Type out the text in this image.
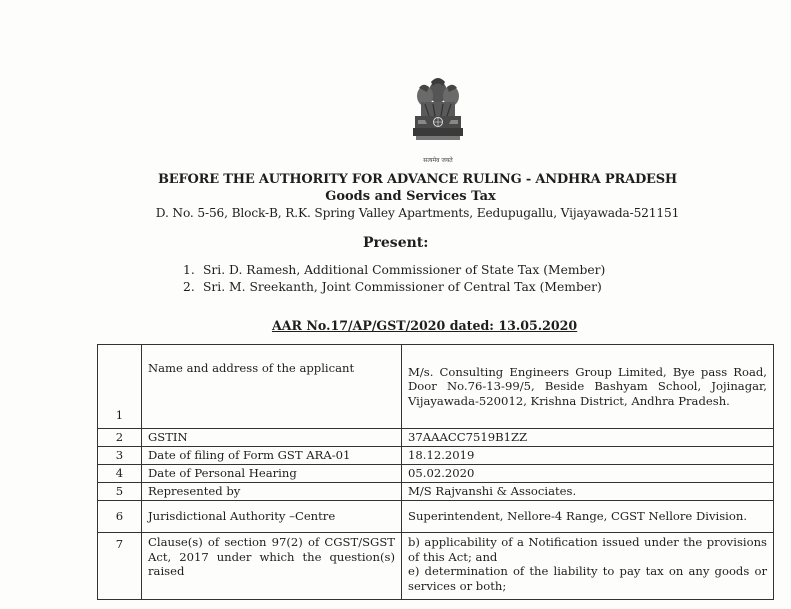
सत्यमेव जयते
BEFORE THE AUTHORITY FOR ADVANCE RULING - ANDHRA PRADESH
Goods and Services Tax
D. No. 5-56, Block-B, R.K. Spring Valley Apartments, Eedupugallu, Vijayawada-521151
Present:
1. Sri. D. Ramesh, Additional Commissioner of State Tax (Member)
2. Sri. M. Sreekanth, Joint Commissioner of Central Tax (Member)
AAR No.17/AP/GST/2020 dated: 13.05.2020
1	Name and address of the applicant	M/s. Consulting Engineers Group Limited, Bye pass Road, Door No.76-13-99/5, Beside Bashyam School, Jojinagar, Vijayawada-520012, Krishna District, Andhra Pradesh.
2	GSTIN	37AAACC7519B1ZZ
3	Date of filing of Form GST ARA-01	18.12.2019
4	Date of Personal Hearing	05.02.2020
5	Represented by	M/S Rajvanshi & Associates.
6	Jurisdictional Authority –Centre	Superintendent, Nellore-4 Range, CGST Nellore Division.
7	Clause(s) of section 97(2) of CGST/SGST Act, 2017 under which the question(s) raised	b) applicability of a Notification issued under the provisions of this Act; and
e) determination of the liability to pay tax on any goods or services or both;
